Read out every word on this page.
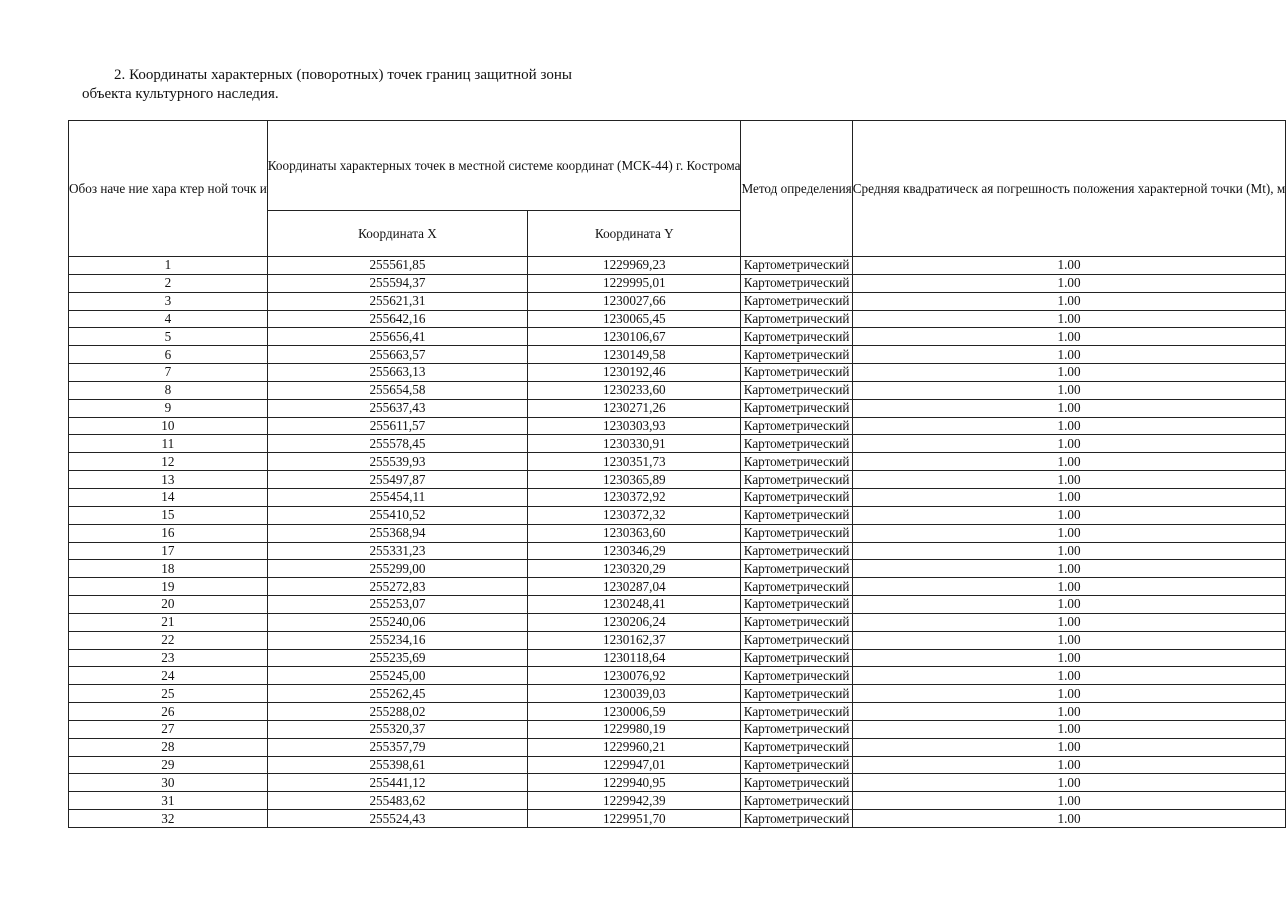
2. Координаты характерных (поворотных) точек границ защитной зоны объекта культурного наследия.

Обоз наче ние хара ктер ной точк и	Координаты характерных точек в местной системе координат (МСК-44) г. Кострома		Метод определения	Средняя квадратическ ая погрешность положения характерной точки (Mt), м
	Координата X	Координата Y		
1	255561,85	1229969,23	Картометрический	1.00
2	255594,37	1229995,01	Картометрический	1.00
3	255621,31	1230027,66	Картометрический	1.00
4	255642,16	1230065,45	Картометрический	1.00
5	255656,41	1230106,67	Картометрический	1.00
6	255663,57	1230149,58	Картометрический	1.00
7	255663,13	1230192,46	Картометрический	1.00
8	255654,58	1230233,60	Картометрический	1.00
9	255637,43	1230271,26	Картометрический	1.00
10	255611,57	1230303,93	Картометрический	1.00
11	255578,45	1230330,91	Картометрический	1.00
12	255539,93	1230351,73	Картометрический	1.00
13	255497,87	1230365,89	Картометрический	1.00
14	255454,11	1230372,92	Картометрический	1.00
15	255410,52	1230372,32	Картометрический	1.00
16	255368,94	1230363,60	Картометрический	1.00
17	255331,23	1230346,29	Картометрический	1.00
18	255299,00	1230320,29	Картометрический	1.00
19	255272,83	1230287,04	Картометрический	1.00
20	255253,07	1230248,41	Картометрический	1.00
21	255240,06	1230206,24	Картометрический	1.00
22	255234,16	1230162,37	Картометрический	1.00
23	255235,69	1230118,64	Картометрический	1.00
24	255245,00	1230076,92	Картометрический	1.00
25	255262,45	1230039,03	Картометрический	1.00
26	255288,02	1230006,59	Картометрический	1.00
27	255320,37	1229980,19	Картометрический	1.00
28	255357,79	1229960,21	Картометрический	1.00
29	255398,61	1229947,01	Картометрический	1.00
30	255441,12	1229940,95	Картометрический	1.00
31	255483,62	1229942,39	Картометрический	1.00
32	255524,43	1229951,70	Картометрический	1.00
